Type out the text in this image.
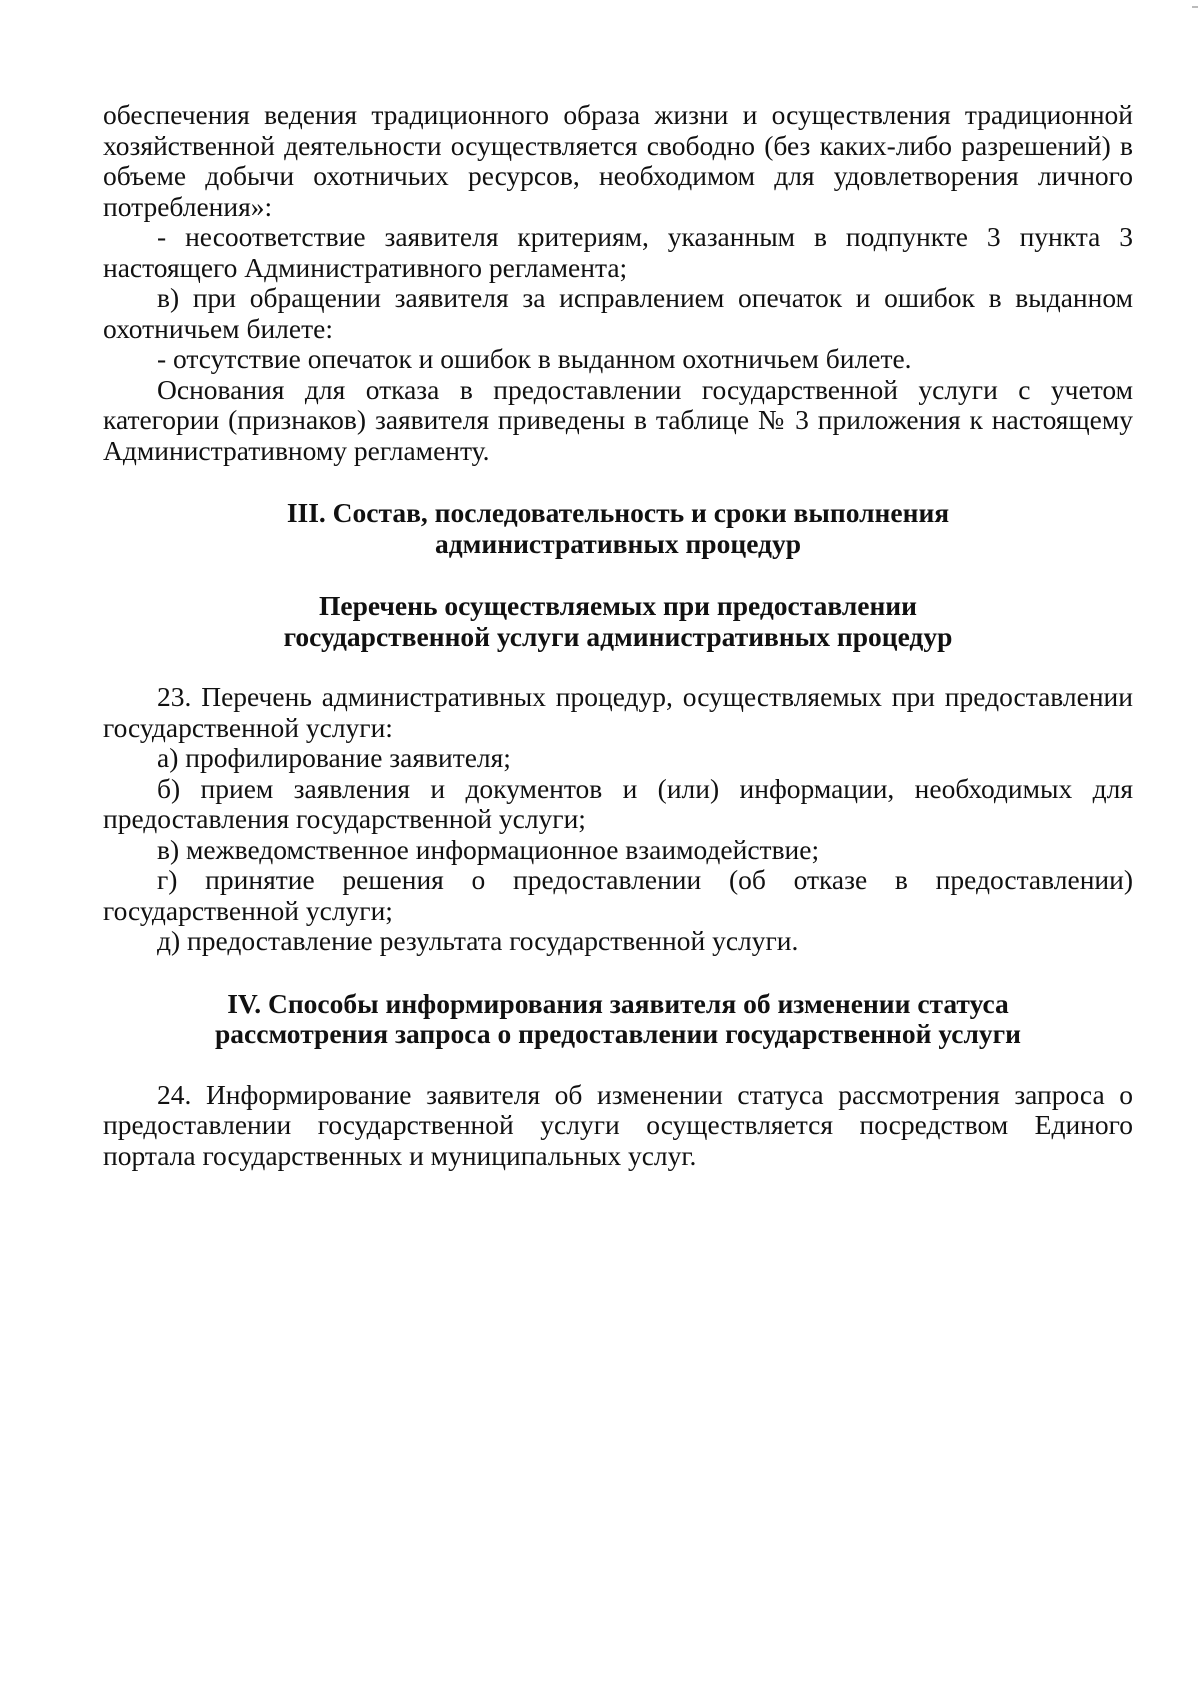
обеспечения ведения традиционного образа жизни и осуществления традиционной хозяйственной деятельности осуществляется свободно (без каких-либо разрешений) в объеме добычи охотничьих ресурсов, необходимом для удовлетворения личного потребления»:

- несоответствие заявителя критериям, указанным в подпункте 3 пункта 3 настоящего Административного регламента;

в) при обращении заявителя за исправлением опечаток и ошибок в выданном охотничьем билете:

- отсутствие опечаток и ошибок в выданном охотничьем билете.

Основания для отказа в предоставлении государственной услуги с учетом категории (признаков) заявителя приведены в таблице № 3 приложения к настоящему Административному регламенту.

III. Состав, последовательность и сроки выполнения
административных процедур
Перечень осуществляемых при предоставлении
государственной услуги административных процедур

23. Перечень административных процедур, осуществляемых при предоставлении государственной услуги:

а) профилирование заявителя;

б) прием заявления и документов и (или) информации, необходимых для предоставления государственной услуги;

в) межведомственное информационное взаимодействие;

г) принятие решения о предоставлении (об отказе в предоставлении) государственной услуги;

д) предоставление результата государственной услуги.

IV. Способы информирования заявителя об изменении статуса
рассмотрения запроса о предоставлении государственной услуги

24. Информирование заявителя об изменении статуса рассмотрения запроса о предоставлении государственной услуги осуществляется посредством Единого портала государственных и муниципальных услуг.
